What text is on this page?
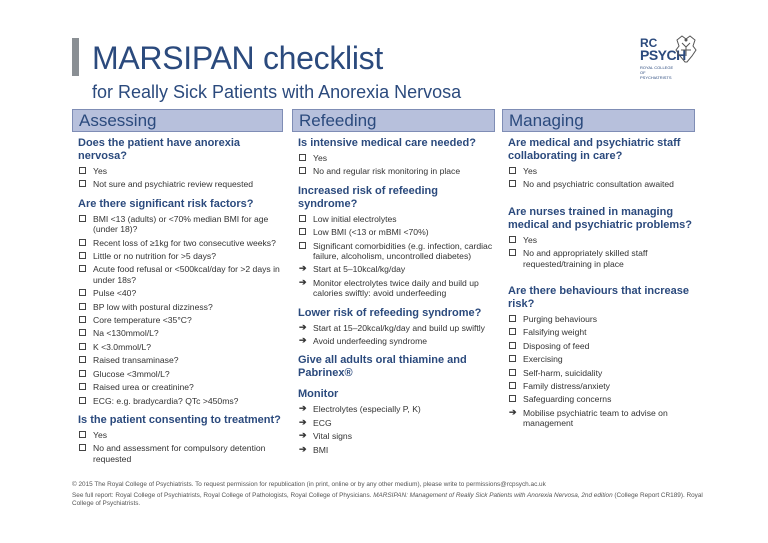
MARSIPAN checklist
for Really Sick Patients with Anorexia Nervosa
RC
PSYCH
ROYAL COLLEGE OF PSYCHIATRISTS
Assessing
Does the patient have anorexia nervosa?
Yes
Not sure and psychiatric review requested
Are there significant risk factors?
BMI <13 (adults) or <70% median BMI for age (under 18)?
Recent loss of ≥1kg for two consecutive weeks?
Little or no nutrition for >5 days?
Acute food refusal or <500kcal/day for >2 days in under 18s?
Pulse <40?
BP low with postural dizziness?
Core temperature <35°C?
Na <130mmol/L?
K <3.0mmol/L?
Raised transaminase?
Glucose <3mmol/L?
Raised urea or creatinine?
ECG: e.g. bradycardia? QTc >450ms?
Is the patient consenting to treatment?
Yes
No and assessment for compulsory detention requested
Refeeding
Is intensive medical care needed?
Yes
No and regular risk monitoring in place
Increased risk of refeeding syndrome?
Low initial electrolytes
Low BMI (<13 or mBMI <70%)
Significant comorbidities (e.g. infection, cardiac failure, alcoholism, uncontrolled diabetes)
➔ Start at 5–10kcal/kg/day
➔ Monitor electrolytes twice daily and build up calories swiftly: avoid underfeeding
Lower risk of refeeding syndrome?
➔ Start at 15–20kcal/kg/day and build up swiftly
➔ Avoid underfeeding syndrome
Give all adults oral thiamine and Pabrinex®
Monitor
➔ Electrolytes (especially P, K)
➔ ECG
➔ Vital signs
➔ BMI
Managing
Are medical and psychiatric staff collaborating in care?
Yes
No and psychiatric consultation awaited
Are nurses trained in managing medical and psychiatric problems?
Yes
No and appropriately skilled staff requested/training in place
Are there behaviours that increase risk?
Purging behaviours
Falsifying weight
Disposing of feed
Exercising
Self-harm, suicidality
Family distress/anxiety
Safeguarding concerns
➔ Mobilise psychiatric team to advise on management
© 2015 The Royal College of Psychiatrists. To request permission for republication (in print, online or by any other medium), please write to permissions@rcpsych.ac.uk
See full report: Royal College of Psychiatrists, Royal College of Pathologists, Royal College of Physicians. MARSIPAN: Management of Really Sick Patients with Anorexia Nervosa, 2nd edition (College Report CR189). Royal College of Psychiatrists.
